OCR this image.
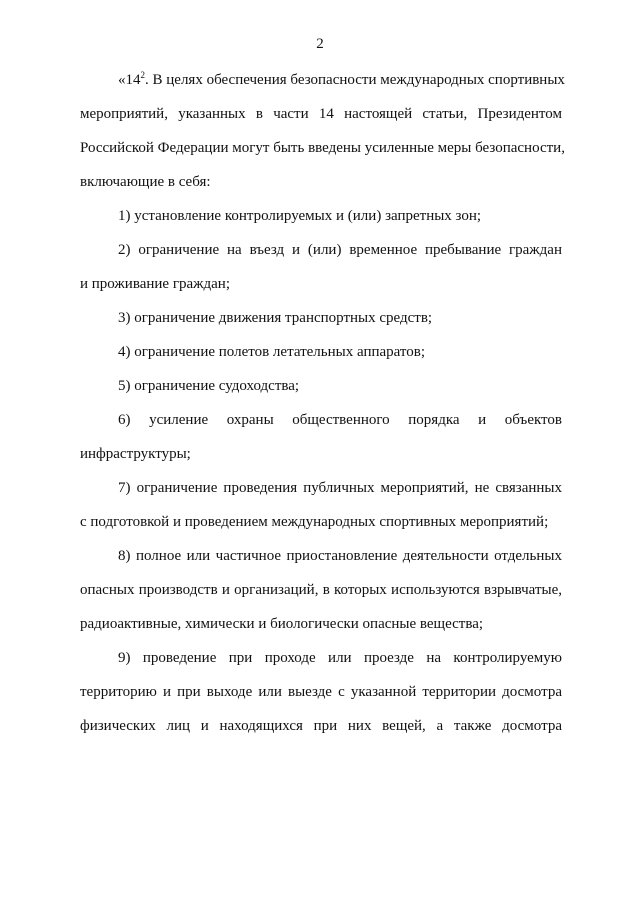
2
«$14^2$. В целях обеспечения безопасности международных спортивных
мероприятий, указанных в части 14 настоящей статьи, Президентом
Российской Федерации могут быть введены усиленные меры безопасности,
включающие в себя:
1) установление контролируемых и (или) запретных зон;
2) ограничение на въезд и (или) временное пребывание граждан
и проживание граждан;
3) ограничение движения транспортных средств;
4) ограничение полетов летательных аппаратов;
5) ограничение судоходства;
6) усиление охраны общественного порядка и объектов
инфраструктуры;
7) ограничение проведения публичных мероприятий, не связанных
с подготовкой и проведением международных спортивных мероприятий;
8) полное или частичное приостановление деятельности отдельных
опасных производств и организаций, в которых используются взрывчатые,
радиоактивные, химически и биологически опасные вещества;
9) проведение при проходе или проезде на контролируемую
территорию и при выходе или выезде с указанной территории досмотра
физических лиц и находящихся при них вещей, а также досмотра
